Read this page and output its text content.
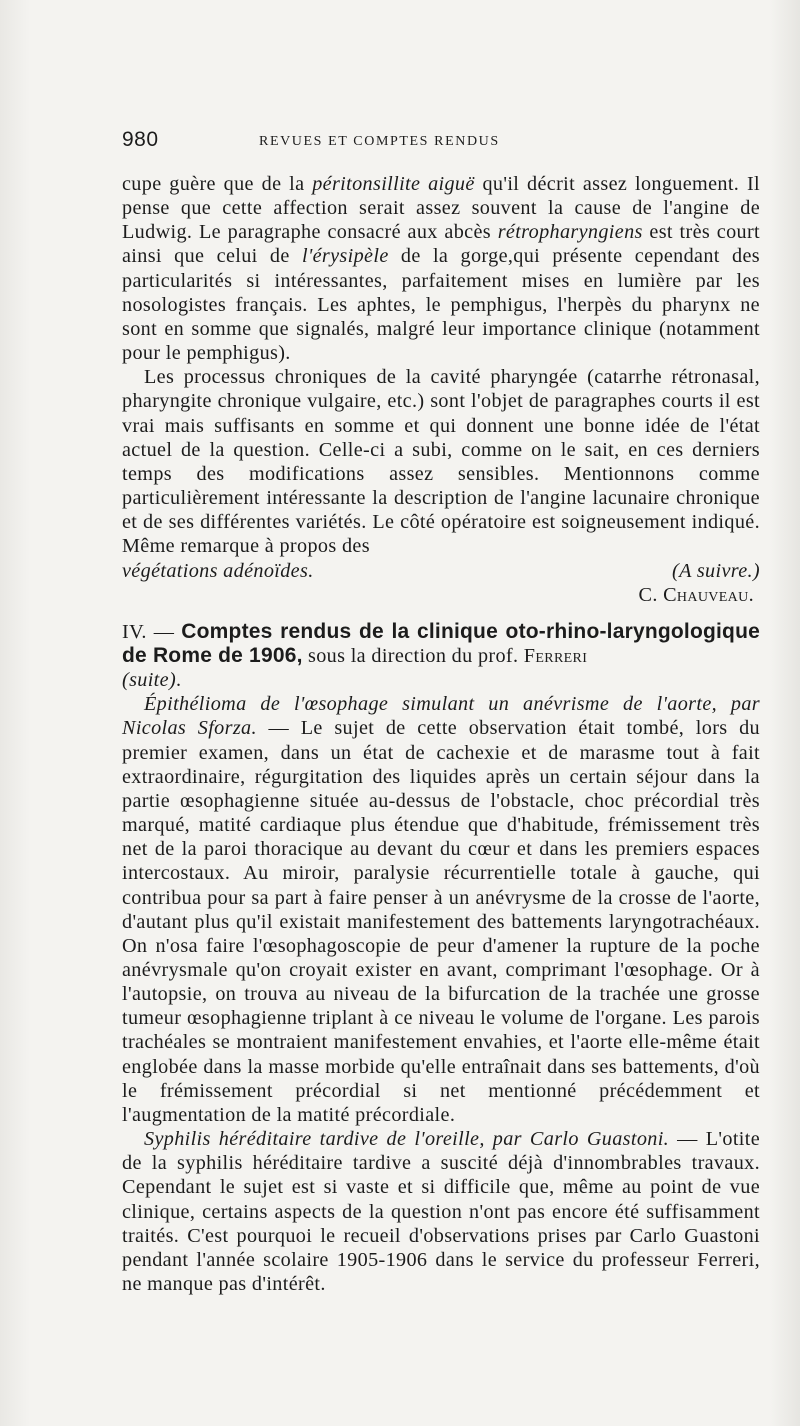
980	REVUES ET COMPTES RENDUS

cupe guère que de la péritonsillite aiguë qu'il décrit assez longuement. Il pense que cette affection serait assez souvent la cause de l'angine de Ludwig. Le paragraphe consacré aux abcès rétropharyngiens est très court ainsi que celui de l'érysipèle de la gorge,qui présente cependant des particularités si intéressantes, parfaitement mises en lumière par les nosologistes français. Les aphtes, le pemphigus, l'herpès du pharynx ne sont en somme que signalés, malgré leur importance clinique (notamment pour le pemphigus).

Les processus chroniques de la cavité pharyngée (catarrhe rétronasal, pharyngite chronique vulgaire, etc.) sont l'objet de paragraphes courts il est vrai mais suffisants en somme et qui donnent une bonne idée de l'état actuel de la question. Celle-ci a subi, comme on le sait, en ces derniers temps des modifications assez sensibles. Mentionnons comme particulièrement intéressante la description de l'angine lacunaire chronique et de ses différentes variétés. Le côté opératoire est soigneusement indiqué. Même remarque à propos des

végétations adénoïdes.	(A suivre.)
C. Chauveau.

IV. — Comptes rendus de la clinique oto-rhino-laryngologique de Rome de 1906, sous la direction du prof. Ferreri
(suite).

Épithélioma de l'œsophage simulant un anévrisme de l'aorte, par Nicolas Sforza. — Le sujet de cette observation était tombé, lors du premier examen, dans un état de cachexie et de marasme tout à fait extraordinaire, régurgitation des liquides après un certain séjour dans la partie œsophagienne située au-dessus de l'obstacle, choc précordial très marqué, matité cardiaque plus étendue que d'habitude, frémissement très net de la paroi thoracique au devant du cœur et dans les premiers espaces intercostaux. Au miroir, paralysie récurrentielle totale à gauche, qui contribua pour sa part à faire penser à un anévrysme de la crosse de l'aorte, d'autant plus qu'il existait manifestement des battements laryngotrachéaux. On n'osa faire l'œsophagoscopie de peur d'amener la rupture de la poche anévrysmale qu'on croyait exister en avant, comprimant l'œsophage. Or à l'autopsie, on trouva au niveau de la bifurcation de la trachée une grosse tumeur œsophagienne triplant à ce niveau le volume de l'organe. Les parois trachéales se montraient manifestement envahies, et l'aorte elle-même était englobée dans la masse morbide qu'elle entraînait dans ses battements, d'où le frémissement précordial si net mentionné précédemment et l'augmentation de la matité précordiale.

Syphilis héréditaire tardive de l'oreille, par Carlo Guastoni. — L'otite de la syphilis héréditaire tardive a suscité déjà d'innombrables travaux. Cependant le sujet est si vaste et si difficile que, même au point de vue clinique, certains aspects de la question n'ont pas encore été suffisamment traités. C'est pourquoi le recueil d'observations prises par Carlo Guastoni pendant l'année scolaire 1905-1906 dans le service du professeur Ferreri, ne manque pas d'intérêt.
